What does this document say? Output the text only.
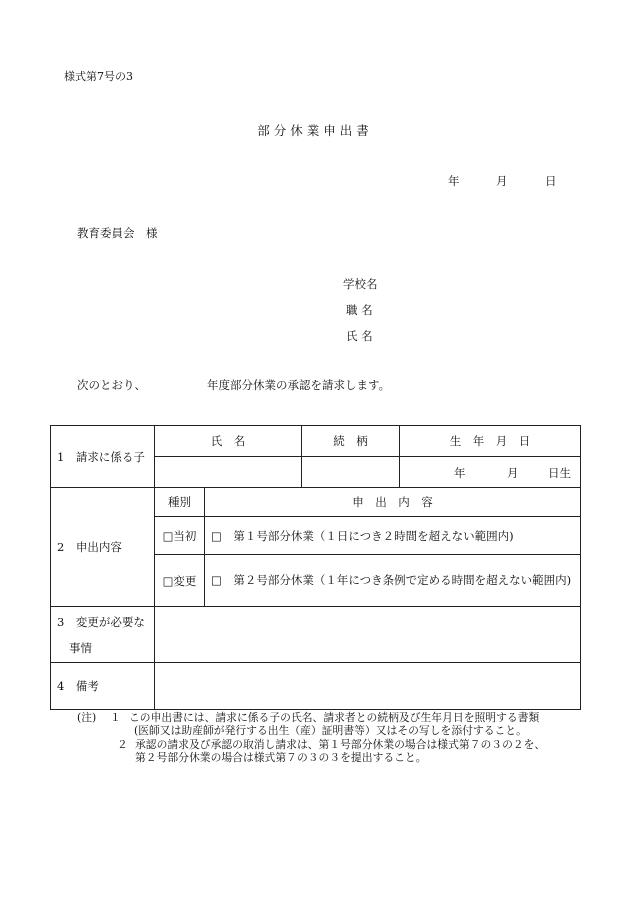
様式第7号の3
部分休業申出書
年	月	日
教育委員会　様
学校名
職 名
氏 名
次のとおり、	年度部分休業の承認を請求します。
1　請求に係る子	氏　名		続　柄	生　年　月　日

				年 月 日生

2　申出内容	種別	申　出　内　容		
	□当初	□　第１号部分休業（１日につき２時間を超えない範囲内)		
	□変更	□　第２号部分休業（１年につき条例で定める時間を超えない範囲内)		

3　変更が必要な
事情				

4　備考				
(注) １ この申出書には、請求に係る子の氏名、請求者との続柄及び生年月日を照明する書類
(医師又は助産師が発行する出生（産）証明書等）又はその写しを添付すること。
２ 承認の請求及び承認の取消し請求は、第１号部分休業の場合は様式第７の３の２を、
第２号部分休業の場合は様式第７の３の３を提出すること。
